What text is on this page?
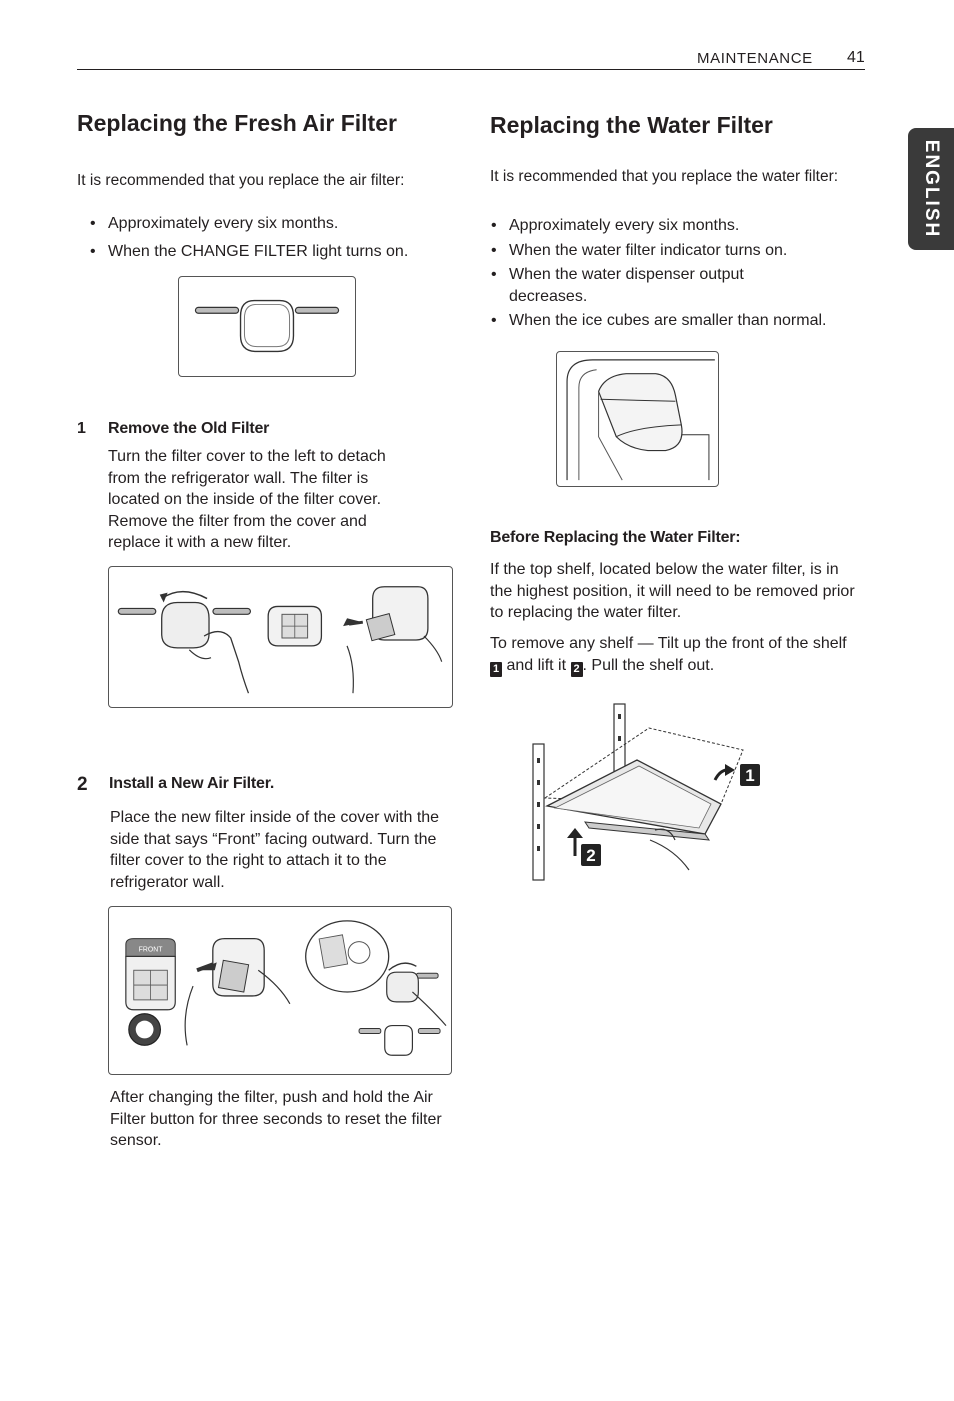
MAINTENANCE 41
ENGLISH
Replacing the Fresh Air Filter
It is recommended that you replace the air filter:
• Approximately every six months.
• When the CHANGE FILTER light turns on.
1 Remove the Old Filter
Turn the filter cover to the left to detach from the refrigerator wall. The filter is located on the inside of the filter cover. Remove the filter from the cover and replace it with a new filter.
2 Install a New Air Filter.
Place the new filter inside of the cover with the side that says “Front” facing outward. Turn the filter cover to the right to attach it to the refrigerator wall.
FRONT
After changing the filter, push and hold the Air Filter button for three seconds to reset the filter sensor.
Replacing the Water Filter
It is recommended that you replace the water filter:
• Approximately every six months.
• When the water filter indicator turns on.
• When the water dispenser output decreases.
• When the ice cubes are smaller than normal.
Before Replacing the Water Filter:
If the top shelf, located below the water filter, is in the highest position, it will need to be removed prior to replacing the water filter.
To remove any shelf — Tilt up the front of the shelf 1 and lift it 2 . Pull the shelf out.
1
2
